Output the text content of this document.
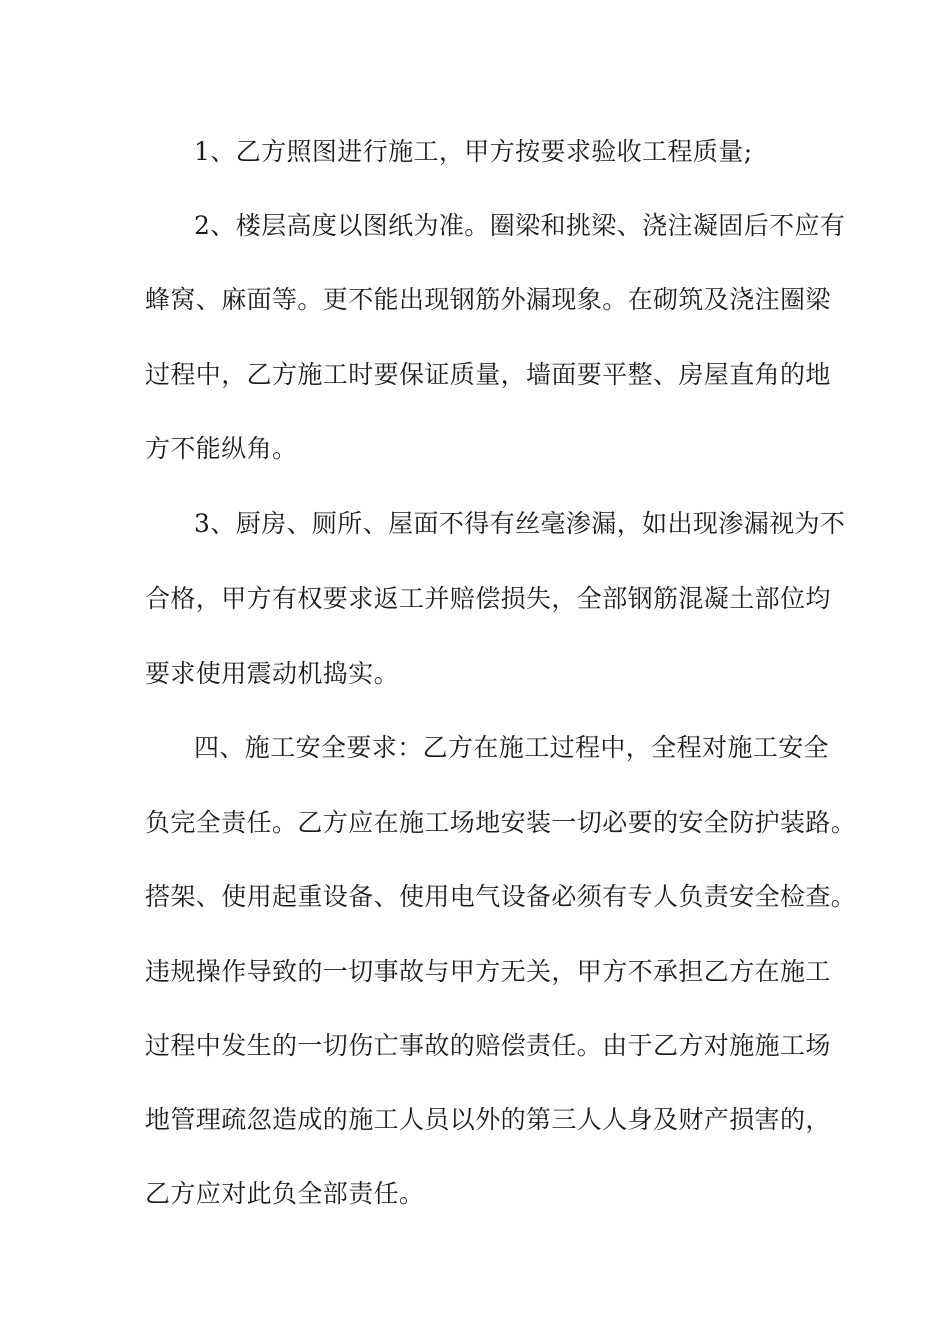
1、乙方照图进行施工，甲方按要求验收工程质量;
2、楼层高度以图纸为准。圈梁和挑梁、浇注凝固后不应有
蜂窝、麻面等。更不能出现钢筋外漏现象。在砌筑及浇注圈梁
过程中，乙方施工时要保证质量，墙面要平整、房屋直角的地
方不能纵角。
3、厨房、厕所、屋面不得有丝毫渗漏，如出现渗漏视为不
合格，甲方有权要求返工并赔偿损失，全部钢筋混凝土部位均
要求使用震动机捣实。
四、施工安全要求：乙方在施工过程中，全程对施工安全
负完全责任。乙方应在施工场地安装一切必要的安全防护装路。
搭架、使用起重设备、使用电气设备必须有专人负责安全检查。
违规操作导致的一切事故与甲方无关，甲方不承担乙方在施工
过程中发生的一切伤亡事故的赔偿责任。由于乙方对施施工场
地管理疏忽造成的施工人员以外的第三人人身及财产损害的，
乙方应对此负全部责任。
